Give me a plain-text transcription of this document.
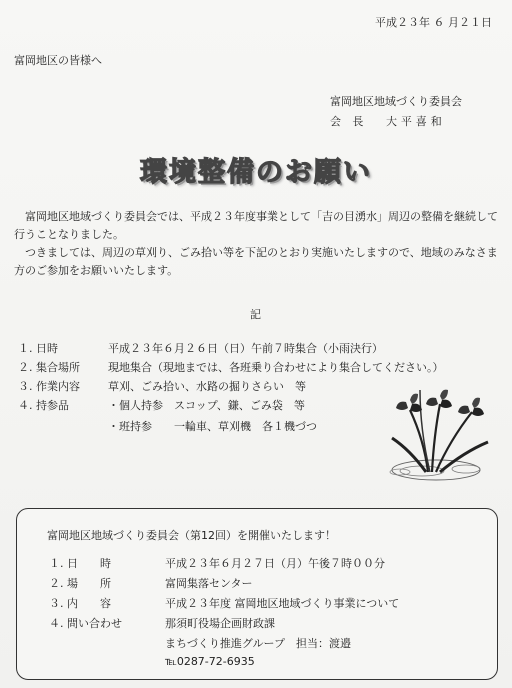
平成２３年 ６ 月２１日
富岡地区の皆様へ
富岡地区地域づくり委員会
会　長　　大 平 喜 和
環境整備のお願い

　富岡地区地域づくり委員会では、平成２３年度事業として「吉の目湧水」周辺の整備を継続して行うことなりました。

　つきましては、周辺の草刈り、ごみ拾い等を下記のとおり実施いたしますので、地域のみなさま方のご参加をお願いいたします。

記
１. 日時	平成２３年６月２６日（日）午前７時集合（小雨決行）
２. 集合場所	現地集合（現地までは、各班乗り合わせにより集合してください。）
３. 作業内容	草刈、ごみ拾い、水路の掘りさらい　等
４. 持参品	・個人持参　スコップ、鎌、ごみ袋　等
・班持参　　一輪車、草刈機　各１機づつ
富岡地区地域づくり委員会（第12回）を開催いたします！
１. 日　　時	平成２３年６月２７日（月）午後７時００分
２. 場　　所	富岡集落センター
３. 内　　容	平成２３年度 富岡地区地域づくり事業について
４. 問い合わせ	那須町役場企画財政課
まちづくり推進グループ　担当：渡邉
℡0287-72-6935
